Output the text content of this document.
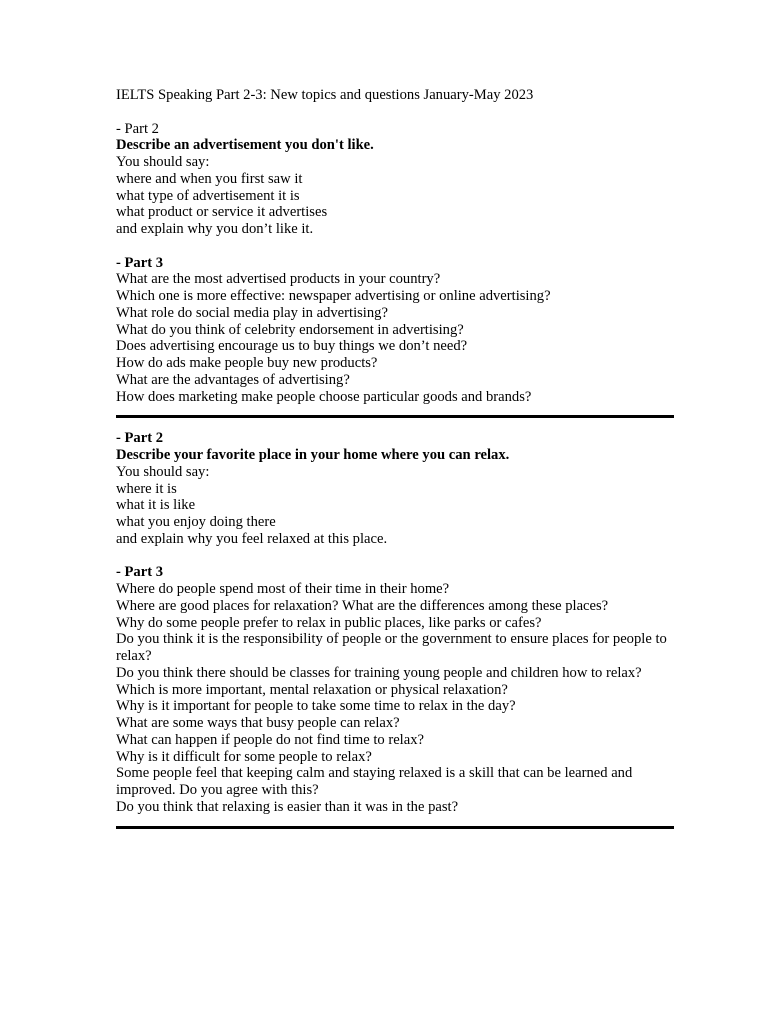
IELTS Speaking Part 2-3: New topics and questions January-May 2023
- Part 2
Describe an advertisement you don't like.
You should say:
where and when you first saw it
what type of advertisement it is
what product or service it advertises
and explain why you don’t like it.
- Part 3
What are the most advertised products in your country?
Which one is more effective: newspaper advertising or online advertising?
What role do social media play in advertising?
What do you think of celebrity endorsement in advertising?
Does advertising encourage us to buy things we don’t need?
How do ads make people buy new products?
What are the advantages of advertising?
How does marketing make people choose particular goods and brands?
- Part 2
Describe your favorite place in your home where you can relax.
You should say:
where it is
what it is like
what you enjoy doing there
and explain why you feel relaxed at this place.
- Part 3
Where do people spend most of their time in their home?
Where are good places for relaxation? What are the differences among these places?
Why do some people prefer to relax in public places, like parks or cafes?
Do you think it is the responsibility of people or the government to ensure places for people to relax?
Do you think there should be classes for training young people and children how to relax?
Which is more important, mental relaxation or physical relaxation?
Why is it important for people to take some time to relax in the day?
What are some ways that busy people can relax?
What can happen if people do not find time to relax?
Why is it difficult for some people to relax?
Some people feel that keeping calm and staying relaxed is a skill that can be learned and improved. Do you agree with this?
Do you think that relaxing is easier than it was in the past?
